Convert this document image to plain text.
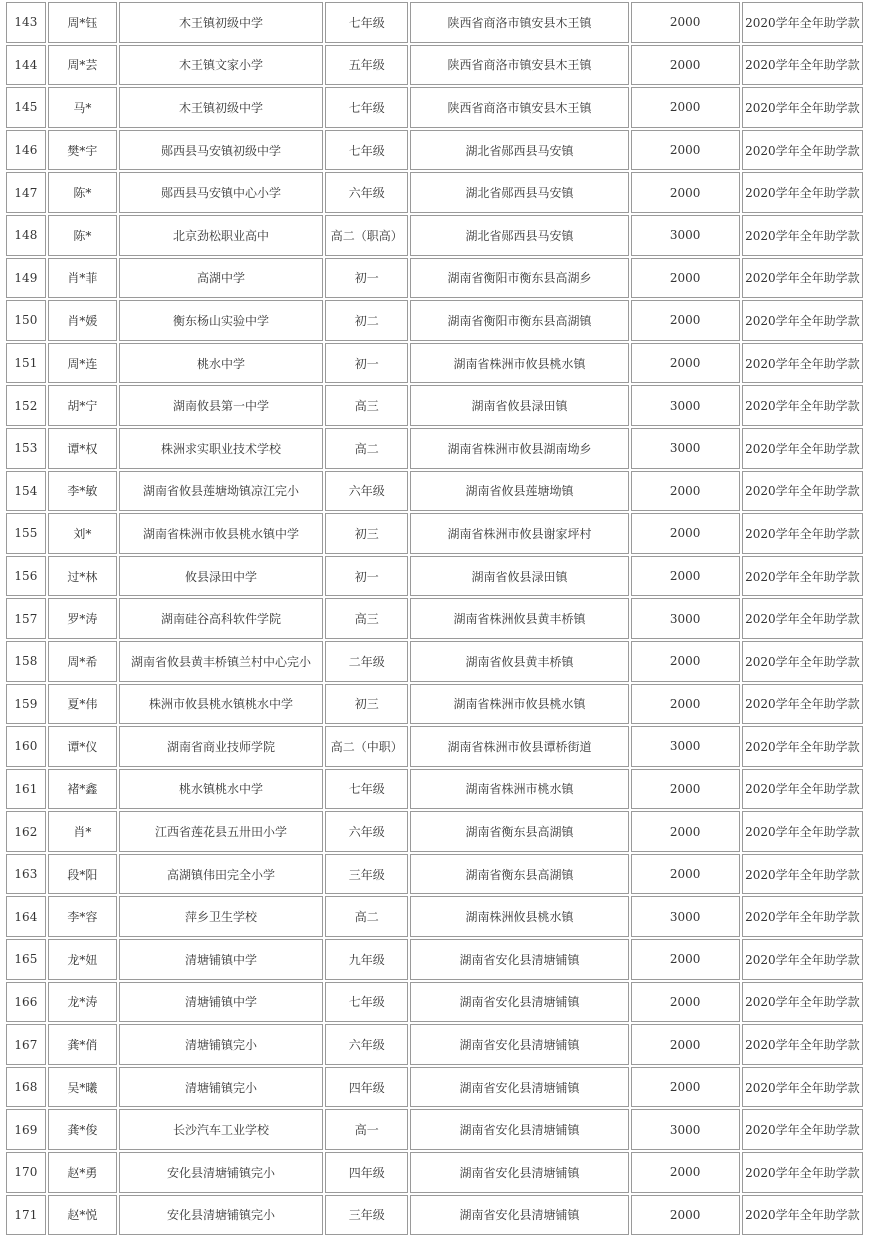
143	周*钰	木王镇初级中学	七年级	陕西省商洛市镇安县木王镇	2000	2020学年全年助学款
144	周*芸	木王镇文家小学	五年级	陕西省商洛市镇安县木王镇	2000	2020学年全年助学款
145	马*	木王镇初级中学	七年级	陕西省商洛市镇安县木王镇	2000	2020学年全年助学款
146	樊*宇	郧西县马安镇初级中学	七年级	湖北省郧西县马安镇	2000	2020学年全年助学款
147	陈*	郧西县马安镇中心小学	六年级	湖北省郧西县马安镇	2000	2020学年全年助学款
148	陈*	北京劲松职业高中	高二（职高）	湖北省郧西县马安镇	3000	2020学年全年助学款
149	肖*菲	高湖中学	初一	湖南省衡阳市衡东县高湖乡	2000	2020学年全年助学款
150	肖*媛	衡东杨山实验中学	初二	湖南省衡阳市衡东县高湖镇	2000	2020学年全年助学款
151	周*连	桃水中学	初一	湖南省株洲市攸县桃水镇	2000	2020学年全年助学款
152	胡*宁	湖南攸县第一中学	高三	湖南省攸县渌田镇	3000	2020学年全年助学款
153	谭*权	株洲求实职业技术学校	高二	湖南省株洲市攸县湖南坳乡	3000	2020学年全年助学款
154	李*敏	湖南省攸县莲塘坳镇凉江完小	六年级	湖南省攸县莲塘坳镇	2000	2020学年全年助学款
155	刘*	湖南省株洲市攸县桃水镇中学	初三	湖南省株洲市攸县谢家坪村	2000	2020学年全年助学款
156	过*林	攸县渌田中学	初一	湖南省攸县渌田镇	2000	2020学年全年助学款
157	罗*涛	湖南硅谷高科软件学院	高三	湖南省株洲攸县黄丰桥镇	3000	2020学年全年助学款
158	周*希	湖南省攸县黄丰桥镇兰村中心完小	二年级	湖南省攸县黄丰桥镇	2000	2020学年全年助学款
159	夏*伟	株洲市攸县桃水镇桃水中学	初三	湖南省株洲市攸县桃水镇	2000	2020学年全年助学款
160	谭*仪	湖南省商业技师学院	高二（中职）	湖南省株洲市攸县谭桥街道	3000	2020学年全年助学款
161	褚*鑫	桃水镇桃水中学	七年级	湖南省株洲市桃水镇	2000	2020学年全年助学款
162	肖*	江西省莲花县五卅田小学	六年级	湖南省衡东县高湖镇	2000	2020学年全年助学款
163	段*阳	高湖镇伟田完全小学	三年级	湖南省衡东县高湖镇	2000	2020学年全年助学款
164	李*容	萍乡卫生学校	高二	湖南株洲攸县桃水镇	3000	2020学年全年助学款
165	龙*妞	清塘铺镇中学	九年级	湖南省安化县清塘铺镇	2000	2020学年全年助学款
166	龙*涛	清塘铺镇中学	七年级	湖南省安化县清塘铺镇	2000	2020学年全年助学款
167	龚*俏	清塘铺镇完小	六年级	湖南省安化县清塘铺镇	2000	2020学年全年助学款
168	吴*曦	清塘铺镇完小	四年级	湖南省安化县清塘铺镇	2000	2020学年全年助学款
169	龚*俊	长沙汽车工业学校	高一	湖南省安化县清塘铺镇	3000	2020学年全年助学款
170	赵*勇	安化县清塘铺镇完小	四年级	湖南省安化县清塘铺镇	2000	2020学年全年助学款
171	赵*悦	安化县清塘铺镇完小	三年级	湖南省安化县清塘铺镇	2000	2020学年全年助学款
